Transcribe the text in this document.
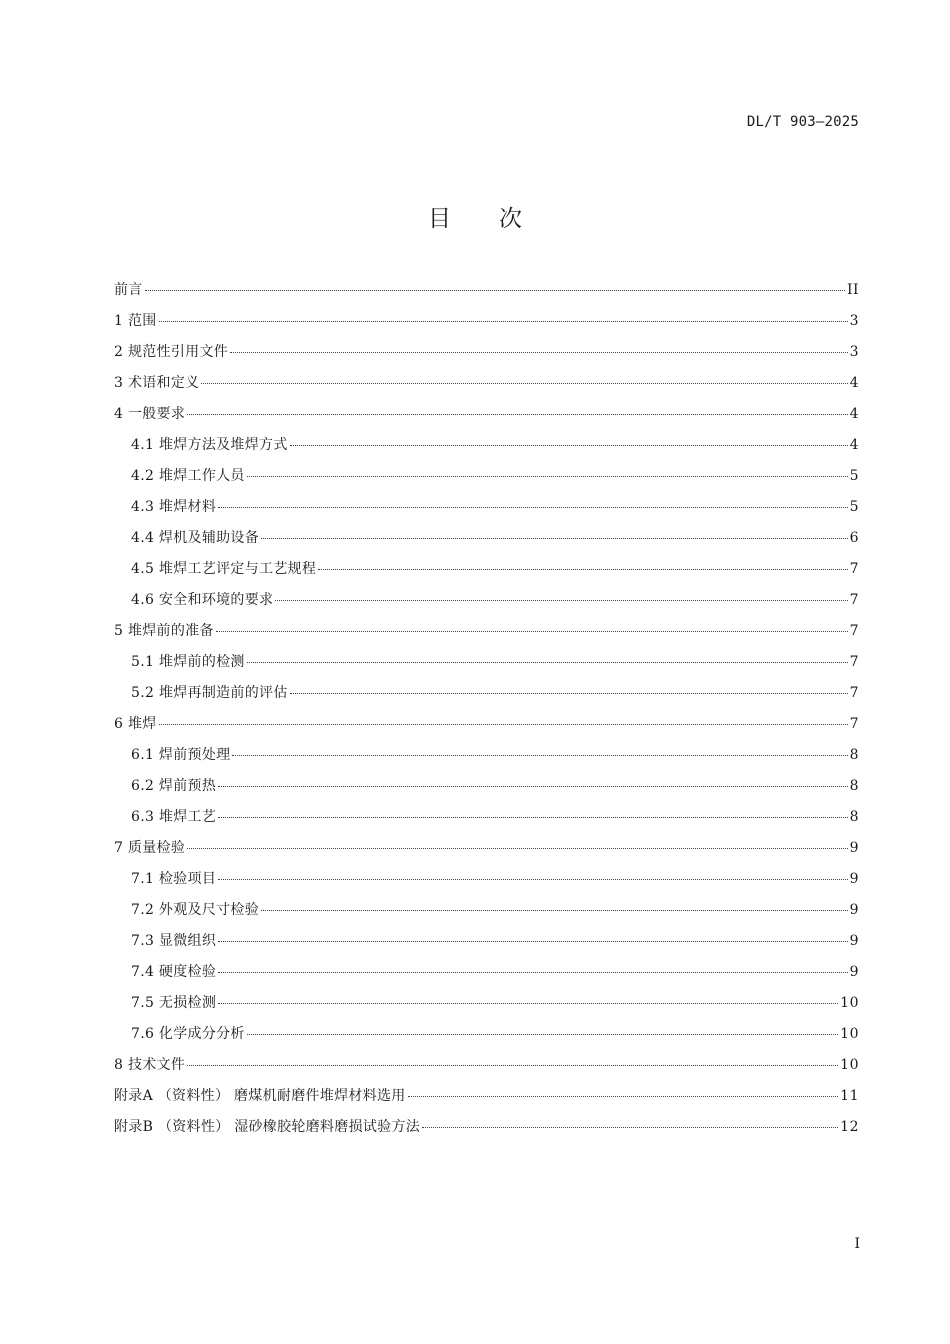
DL/T 903—2025
目次
前言	II
1 范围	3
2 规范性引用文件	3
3 术语和定义	4
4 一般要求	4
4.1 堆焊方法及堆焊方式	4
4.2 堆焊工作人员	5
4.3 堆焊材料	5
4.4 焊机及辅助设备	6
4.5 堆焊工艺评定与工艺规程	7
4.6 安全和环境的要求	7
5 堆焊前的准备	7
5.1 堆焊前的检测	7
5.2 堆焊再制造前的评估	7
6 堆焊	7
6.1 焊前预处理	8
6.2 焊前预热	8
6.3 堆焊工艺	8
7 质量检验	9
7.1 检验项目	9
7.2 外观及尺寸检验	9
7.3 显微组织	9
7.4 硬度检验	9
7.5 无损检测	10
7.6 化学成分分析	10
8 技术文件	10
附录A （资料性） 磨煤机耐磨件堆焊材料选用	11
附录B （资料性） 湿砂橡胶轮磨料磨损试验方法	12
I
